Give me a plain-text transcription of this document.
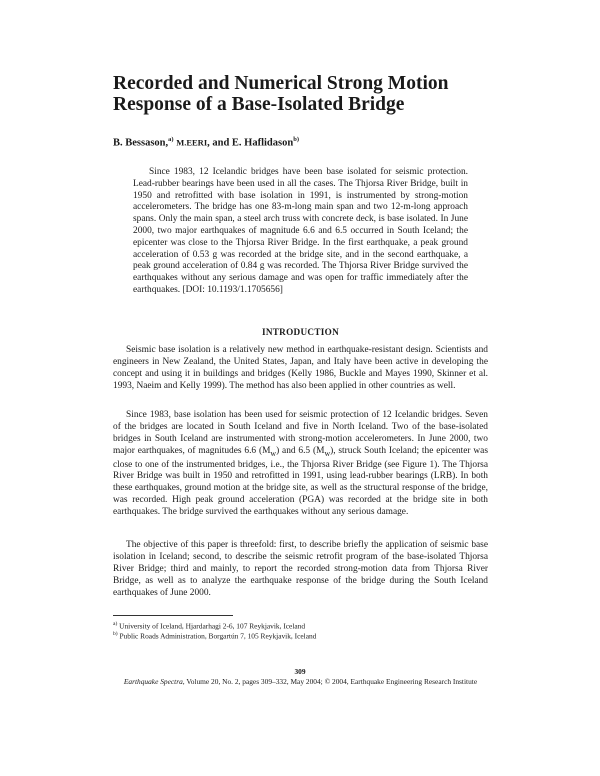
Recorded and Numerical Strong Motion Response of a Base-Isolated Bridge
B. Bessason,$^{a)}$ M.EERI, and E. Haflidason$^{b)}$

Since 1983, 12 Icelandic bridges have been base isolated for seismic protection. Lead-rubber bearings have been used in all the cases. The Thjorsa River Bridge, built in 1950 and retrofitted with base isolation in 1991, is instrumented by strong-motion accelerometers. The bridge has one 83-m-long main span and two 12-m-long approach spans. Only the main span, a steel arch truss with concrete deck, is base isolated. In June 2000, two major earthquakes of magnitude 6.6 and 6.5 occurred in South Iceland; the epicenter was close to the Thjorsa River Bridge. In the first earthquake, a peak ground acceleration of 0.53 g was recorded at the bridge site, and in the second earthquake, a peak ground acceleration of 0.84 g was recorded. The Thjorsa River Bridge survived the earthquakes without any serious damage and was open for traffic immediately after the earthquakes. [DOI: 10.1193/1.1705656]

INTRODUCTION

Seismic base isolation is a relatively new method in earthquake-resistant design. Scientists and engineers in New Zealand, the United States, Japan, and Italy have been active in developing the concept and using it in buildings and bridges (Kelly 1986, Buckle and Mayes 1990, Skinner et al. 1993, Naeim and Kelly 1999). The method has also been applied in other countries as well.

Since 1983, base isolation has been used for seismic protection of 12 Icelandic bridges. Seven of the bridges are located in South Iceland and five in North Iceland. Two of the base-isolated bridges in South Iceland are instrumented with strong-motion accelerometers. In June 2000, two major earthquakes, of magnitudes 6.6 $(M_w)$ and 6.5 $(M_w)$, struck South Iceland; the epicenter was close to one of the instrumented bridges, i.e., the Thjorsa River Bridge (see Figure 1). The Thjorsa River Bridge was built in 1950 and retrofitted in 1991, using lead-rubber bearings (LRB). In both these earthquakes, ground motion at the bridge site, as well as the structural response of the bridge, was recorded. High peak ground acceleration (PGA) was recorded at the bridge site in both earthquakes. The bridge survived the earthquakes without any serious damage.

The objective of this paper is threefold: first, to describe briefly the application of seismic base isolation in Iceland; second, to describe the seismic retrofit program of the base-isolated Thjorsa River Bridge; third and mainly, to report the recorded strong-motion data from Thjorsa River Bridge, as well as to analyze the earthquake response of the bridge during the South Iceland earthquakes of June 2000.

$^{a)}$ University of Iceland, Hjardarhagi 2-6, 107 Reykjavik, Iceland
$^{b)}$ Public Roads Administration, Borgartún 7, 105 Reykjavik, Iceland
309
Earthquake Spectra, Volume 20, No. 2, pages 309–332, May 2004; © 2004, Earthquake Engineering Research Institute
